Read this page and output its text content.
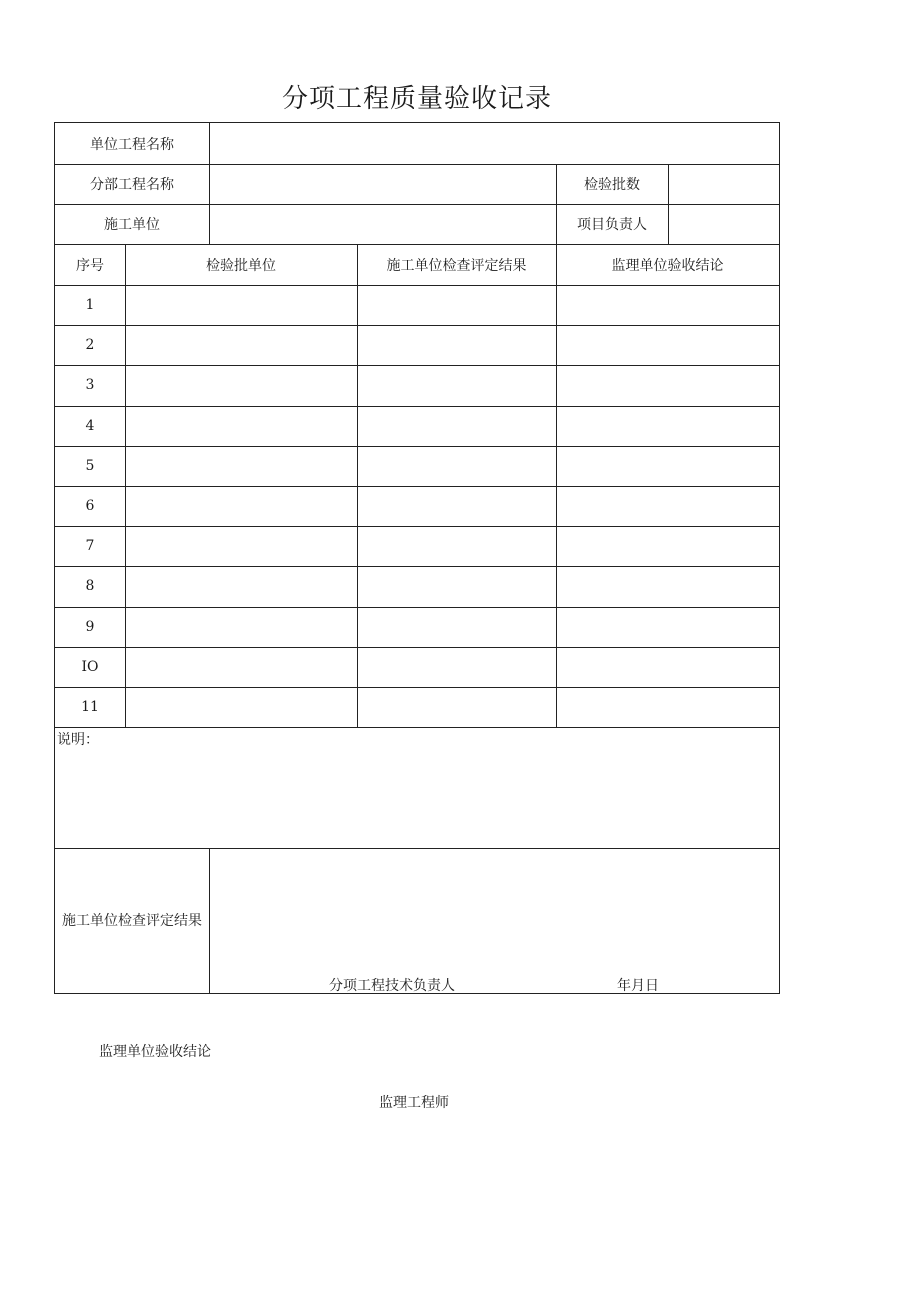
分项工程质量验收记录
单位工程名称
分部工程名称	检验批数
施工单位	项目负责人
序号	检验批单位	施工单位检查评定结果	监理单位验收结论
1
2
3
4
5
6
7
8
9
IO
11
说明：
施工单位检查评定结果
分项工程技术负责人	年月日
监理单位验收结论
监理工程师
